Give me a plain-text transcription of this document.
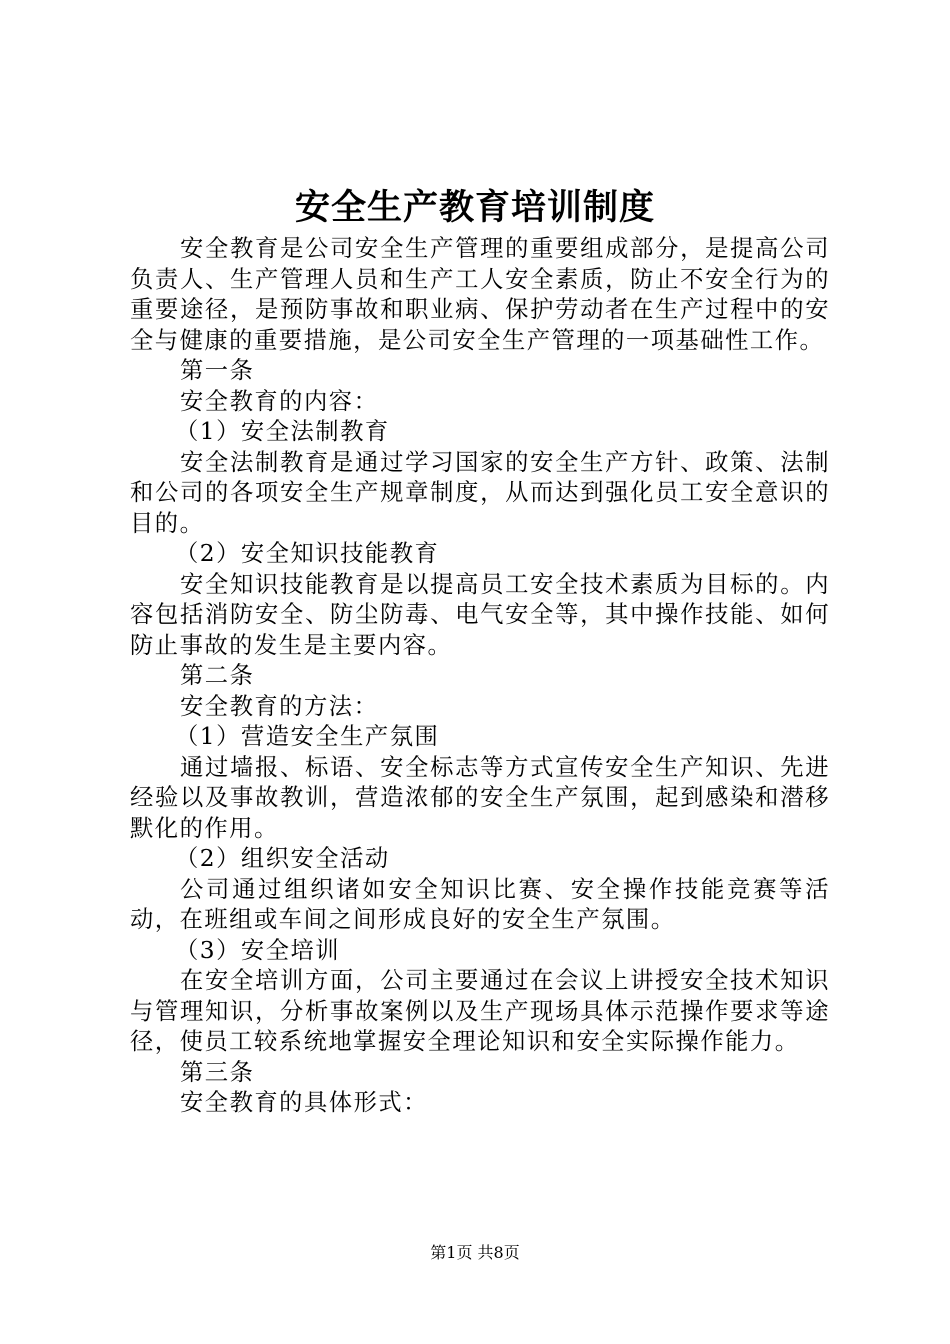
安全生产教育培训制度

安全教育是公司安全生产管理的重要组成部分，是提高公司负责人、生产管理人员和生产工人安全素质，防止不安全行为的重要途径，是预防事故和职业病、保护劳动者在生产过程中的安全与健康的重要措施，是公司安全生产管理的一项基础性工作。

第一条

安全教育的内容：

（1）安全法制教育

安全法制教育是通过学习国家的安全生产方针、政策、法制和公司的各项安全生产规章制度，从而达到强化员工安全意识的目的。

（2）安全知识技能教育

安全知识技能教育是以提高员工安全技术素质为目标的。内容包括消防安全、防尘防毒、电气安全等，其中操作技能、如何防止事故的发生是主要内容。

第二条

安全教育的方法：

（1）营造安全生产氛围

通过墙报、标语、安全标志等方式宣传安全生产知识、先进经验以及事故教训，营造浓郁的安全生产氛围，起到感染和潜移默化的作用。

（2）组织安全活动

公司通过组织诸如安全知识比赛、安全操作技能竞赛等活动，在班组或车间之间形成良好的安全生产氛围。

（3）安全培训

在安全培训方面，公司主要通过在会议上讲授安全技术知识与管理知识，分析事故案例以及生产现场具体示范操作要求等途径，使员工较系统地掌握安全理论知识和安全实际操作能力。

第三条

安全教育的具体形式：

第1页 共8页
